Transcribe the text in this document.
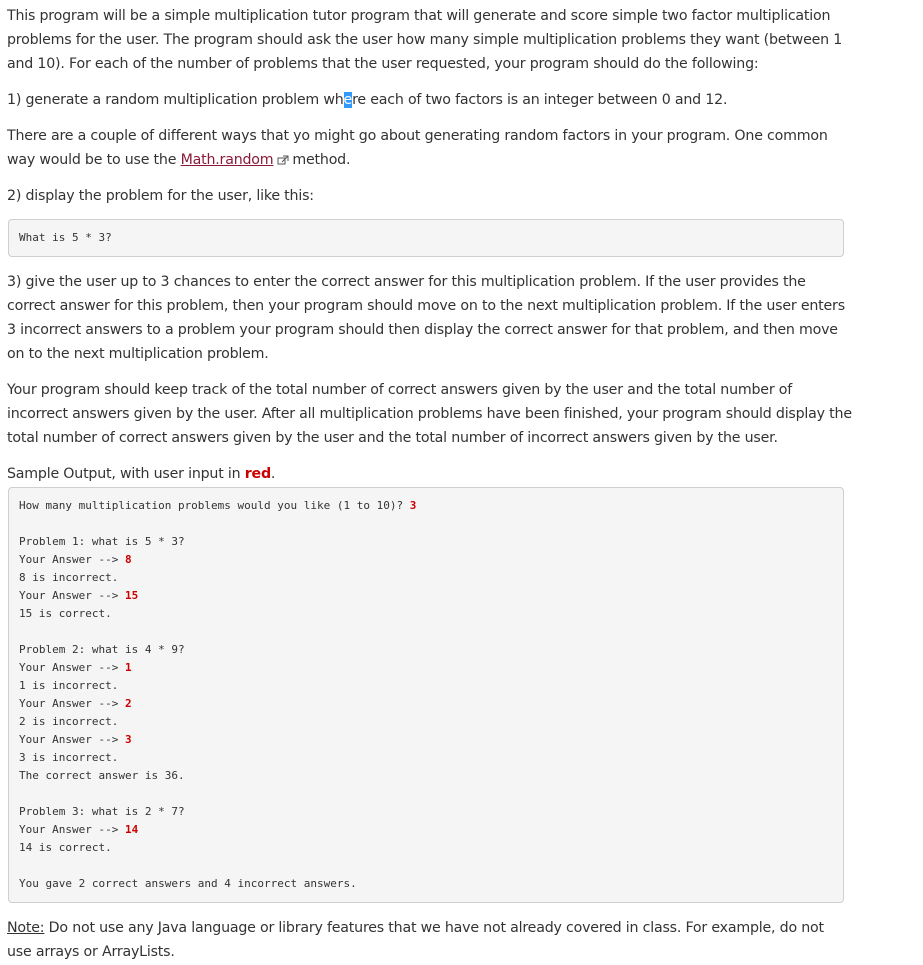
This program will be a simple multiplication tutor program that will generate and score simple two factor multiplication problems for the user. The program should ask the user how many simple multiplication problems they want (between 1 and 10). For each of the number of problems that the user requested, your program should do the following:

1) generate a random multiplication problem where each of two factors is an integer between 0 and 12.

There are a couple of different ways that yo might go about generating random factors in your program. One common way would be to use the Math.random method.

2) display the problem for the user, like this:

What is 5 * 3?

3) give the user up to 3 chances to enter the correct answer for this multiplication problem. If the user provides the correct answer for this problem, then your program should move on to the next multiplication problem. If the user enters 3 incorrect answers to a problem your program should then display the correct answer for that problem, and then move on to the next multiplication problem.

Your program should keep track of the total number of correct answers given by the user and the total number of incorrect answers given by the user. After all multiplication problems have been finished, your program should display the total number of correct answers given by the user and the total number of incorrect answers given by the user.

Sample Output, with user input in red.

How many multiplication problems would you like (1 to 10)? 3
Problem 1: what is 5 * 3?
Your Answer --> 8
8 is incorrect.
Your Answer --> 15
15 is correct.
Problem 2: what is 4 * 9?
Your Answer --> 1
1 is incorrect.
Your Answer --> 2
2 is incorrect.
Your Answer --> 3
3 is incorrect.
The correct answer is 36.
Problem 3: what is 2 * 7?
Your Answer --> 14
14 is correct.
You gave 2 correct answers and 4 incorrect answers.

Note: Do not use any Java language or library features that we have not already covered in class. For example, do not use arrays or ArrayLists.
